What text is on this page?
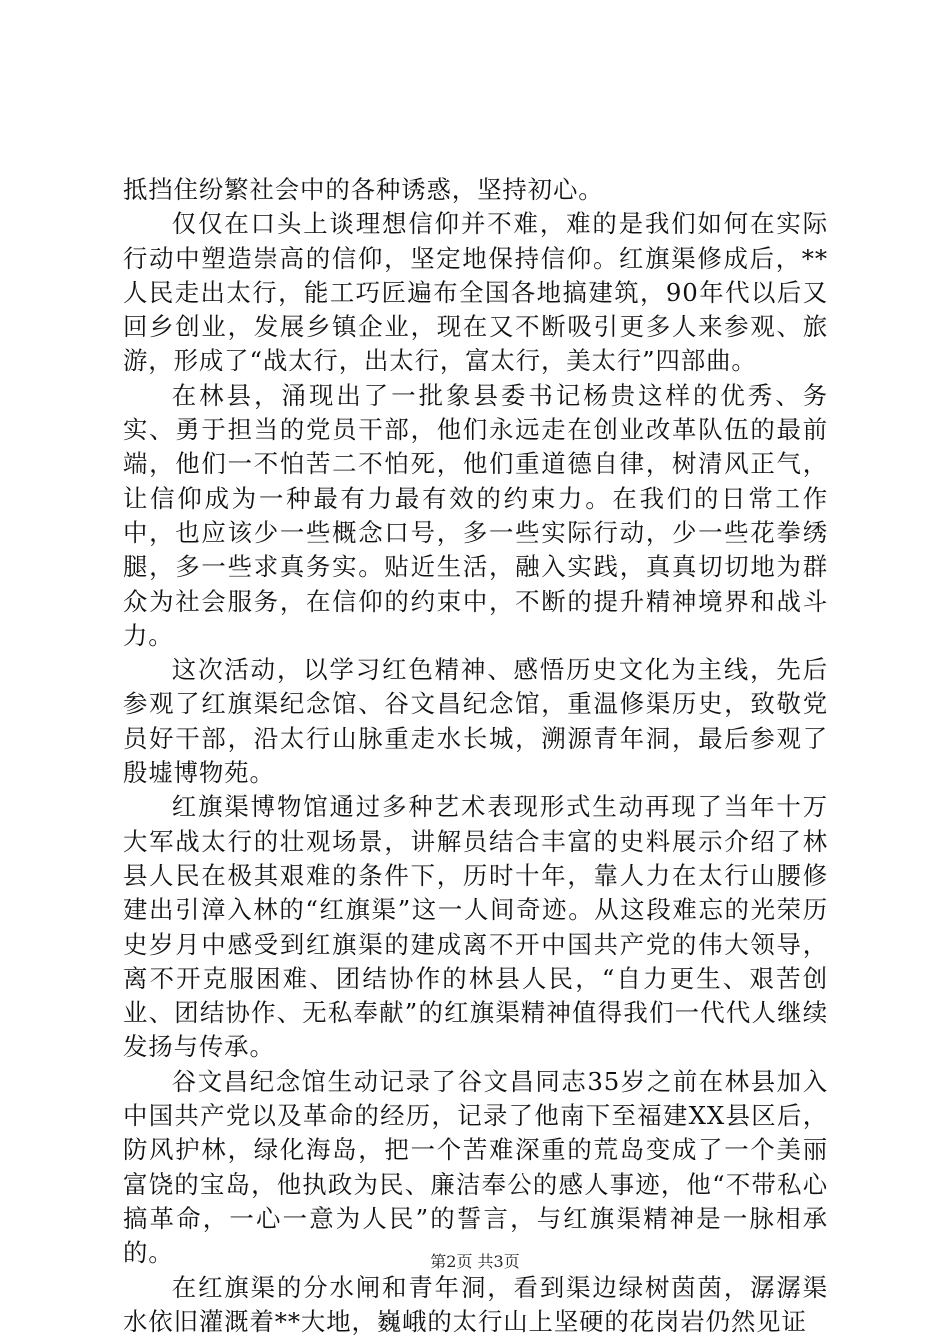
抵挡住纷繁社会中的各种诱惑，坚持初心。

仅仅在口头上谈理想信仰并不难，难的是我们如何在实际行动中塑造崇高的信仰，坚定地保持信仰。红旗渠修成后，**人民走出太行，能工巧匠遍布全国各地搞建筑，90年代以后又回乡创业，发展乡镇企业，现在又不断吸引更多人来参观、旅游，形成了“战太行，出太行，富太行，美太行”四部曲。

在林县，涌现出了一批象县委书记杨贵这样的优秀、务实、勇于担当的党员干部，他们永远走在创业改革队伍的最前端，他们一不怕苦二不怕死，他们重道德自律，树清风正气，让信仰成为一种最有力最有效的约束力。在我们的日常工作中，也应该少一些概念口号，多一些实际行动，少一些花拳绣腿，多一些求真务实。贴近生活，融入实践，真真切切地为群众为社会服务，在信仰的约束中，不断的提升精神境界和战斗力。

这次活动，以学习红色精神、感悟历史文化为主线，先后参观了红旗渠纪念馆、谷文昌纪念馆，重温修渠历史，致敬党员好干部，沿太行山脉重走水长城，溯源青年洞，最后参观了殷墟博物苑。

红旗渠博物馆通过多种艺术表现形式生动再现了当年十万大军战太行的壮观场景，讲解员结合丰富的史料展示介绍了林县人民在极其艰难的条件下，历时十年，靠人力在太行山腰修建出引漳入林的“红旗渠”这一人间奇迹。从这段难忘的光荣历史岁月中感受到红旗渠的建成离不开中国共产党的伟大领导，离不开克服困难、团结协作的林县人民，“自力更生、艰苦创业、团结协作、无私奉献”的红旗渠精神值得我们一代代人继续发扬与传承。

谷文昌纪念馆生动记录了谷文昌同志35岁之前在林县加入中国共产党以及革命的经历，记录了他南下至福建XX县区后，防风护林，绿化海岛，把一个苦难深重的荒岛变成了一个美丽富饶的宝岛，他执政为民、廉洁奉公的感人事迹，他“不带私心搞革命，一心一意为人民”的誓言，与红旗渠精神是一脉相承的。

在红旗渠的分水闸和青年洞，看到渠边绿树茵茵，潺潺渠水依旧灌溉着**大地，巍峨的太行山上坚硬的花岗岩仍然见证

第2页 共3页
